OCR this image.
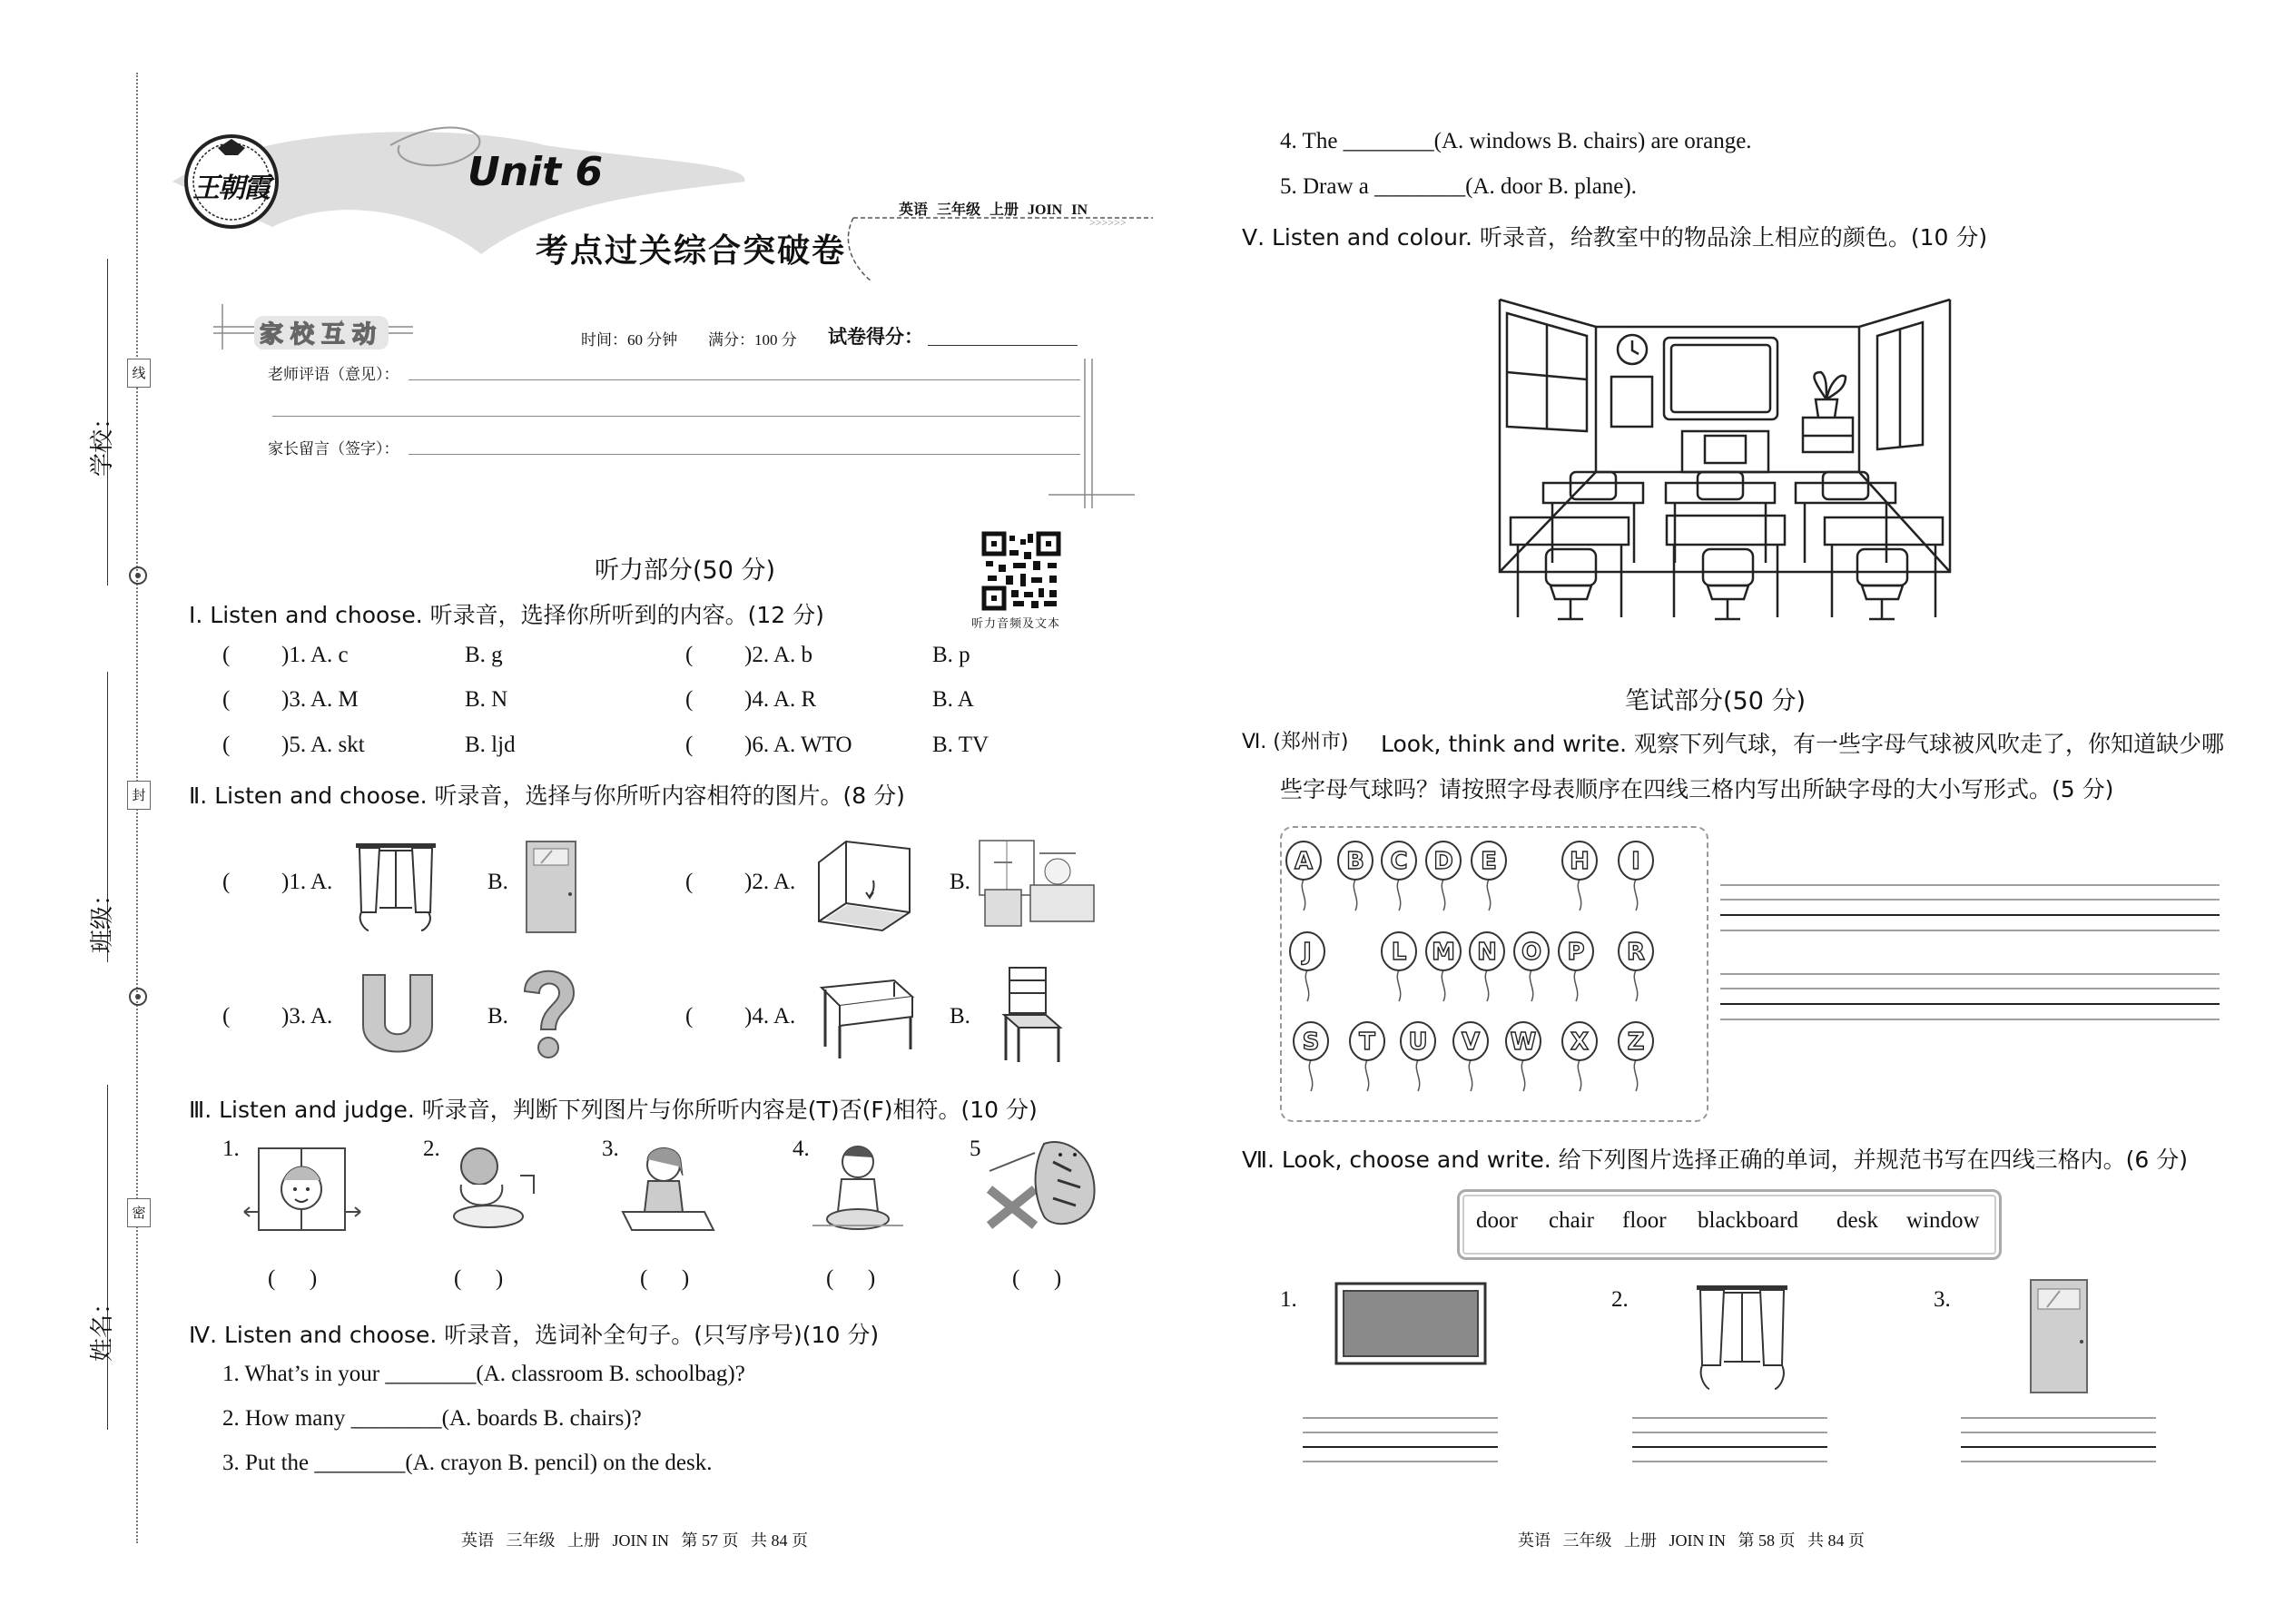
学校：
班级：
姓名：
线
封
密
王朝霞	Unit 6
考点过关综合突破卷
英语 三年级 上册 JOIN IN
>>>>>>
家校互动	时间：60 分钟 满分：100 分 试卷得分：
老师评语（意见）：
家长留言（签字）：
听力音频及文本
听力部分(50 分)
Ⅰ. Listen and choose. 听录音，选择你所听到的内容。(12 分)
( )1. A. c	B. g	( )2. A. b	B. p
( )3. A. M	B. N	( )4. A. R	B. A
( )5. A. skt	B. ljd	( )6. A. WTO	B. TV
Ⅱ. Listen and choose. 听录音，选择与你所听内容相符的图片。(8 分)
( )1. A.	B.	( )2. A.	B.
( )3. A.	B.	( )4. A.	B.
Ⅲ. Listen and judge. 听录音，判断下列图片与你所听内容是(T)否(F)相符。(10 分)
1.	2.	3.	4.	5
(      )	(      )	(      )	(      )	(      )
Ⅳ. Listen and choose. 听录音，选词补全句子。(只写序号)(10 分)
1. What’s in your ________(A. classroom B. schoolbag)?
2. How many ________(A. boards B. chairs)?
3. Put the ________(A. crayon B. pencil) on the desk.
英语   三年级   上册   JOIN IN   第 57 页   共 84 页
4. The ________(A. windows B. chairs) are orange.
5. Draw a ________(A. door B. plane).
Ⅴ. Listen and colour. 听录音，给教室中的物品涂上相应的颜色。(10 分)
笔试部分(50 分)
Ⅵ. (郑州市) Look, think and write. 观察下列气球，有一些字母气球被风吹走了，你知道缺少哪
些字母气球吗？请按照字母表顺序在四线三格内写出所缺字母的大小写形式。(5 分)
A B C D E	H I
J	L M N O P R
S T U V W X Z
Ⅶ. Look, choose and write. 给下列图片选择正确的单词，并规范书写在四线三格内。(6 分)
door chair floor blackboard desk window
1.	2.	3.
英语   三年级   上册   JOIN IN   第 58 页   共 84 页
